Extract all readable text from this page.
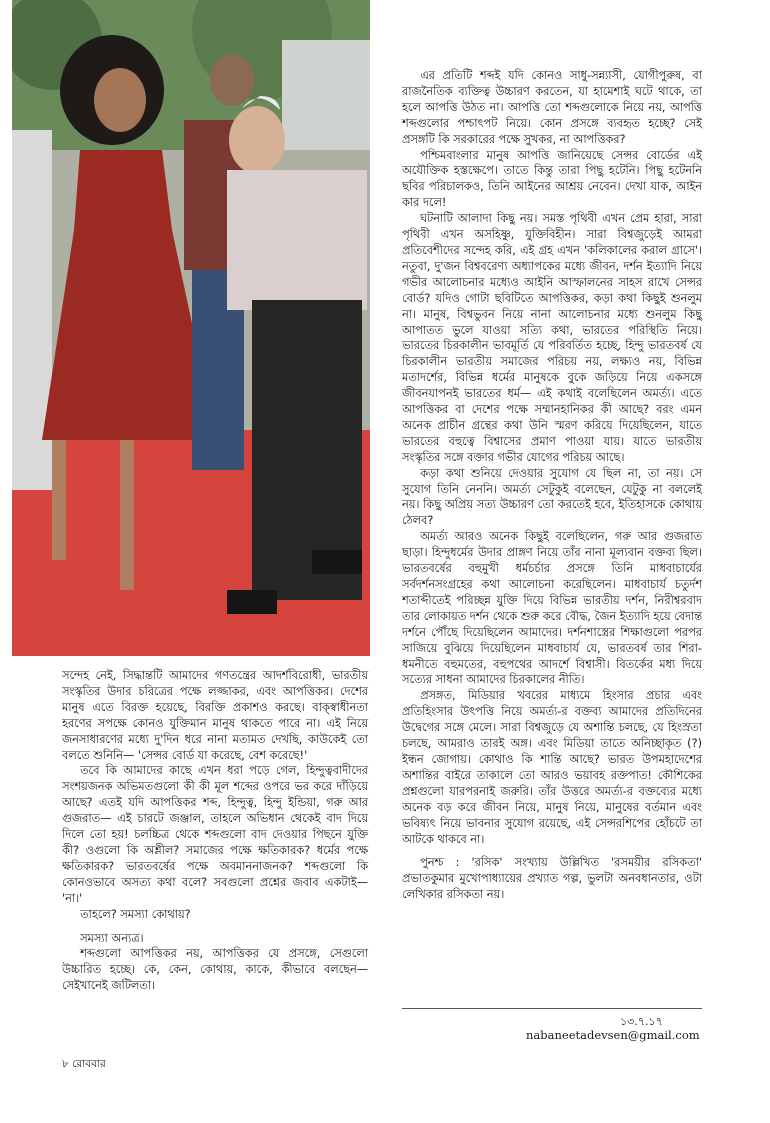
এর প্রতিটি শব্দই যদি কোনও সাধু-সন্ন্যাসী, যোগীপুরুষ, বা রাজনৈতিক ব্যক্তিত্ব উচ্চারণ করতেন, যা হামেশাই ঘটে থাকে, তা হলে আপত্তি উঠত না। আপত্তি তো শব্দগুলোকে নিয়ে নয়, আপত্তি শব্দগুলোর পশ্চাৎপট নিয়ে। কোন প্রসঙ্গে ব্যবহৃত হচ্ছে? সেই প্রসঙ্গটি কি সরকারের পক্ষে সুখকর, না আপত্তিকর?

পশ্চিমবাংলার মানুষ আপত্তি জানিয়েছে সেন্সর বোর্ডের এই অযৌক্তিক হস্তক্ষেপে। তাতে কিন্তু তারা পিছু হটেনি। পিছু হটেননি ছবির পরিচালকও, তিনি আইনের আশ্রয় নেবেন। দেখা যাক, আইন কার দলে!

ঘটনাটি আলাদা কিছু নয়। সমস্ত পৃথিবী এখন প্রেম হারা, সারা পৃথিবী এখন অসহিষ্ণু, যুক্তিবিহীন। সারা বিশ্বজুড়েই আমরা প্রতিবেশীদের সন্দেহ করি, এই গ্রহ এখন 'কলিকালের করাল গ্রাসে'। নতুবা, দু'জন বিশ্ববরেণ্য অধ্যাপকের মধ্যে জীবন, দর্শন ইত্যাদি নিয়ে গভীর আলোচনার মধ্যেও আইনি আস্ফালনের সাহস রাখে সেন্সর বোর্ড? যদিও গোটা ছবিটিতে আপত্তিকর, কড়া কথা কিছুই শুনলুম না। মানুষ, বিশ্বভুবন নিয়ে নানা আলোচনার মধ্যে শুনলুম কিছু আপাতত ভুলে যাওয়া সত্যি কথা, ভারতের পরিস্থিতি নিয়ে। ভারতের চিরকালীন ভাবমূর্তি যে পরিবর্তিত হচ্ছে, হিন্দু ভারতবর্ষ যে চিরকালীন ভারতীয় সমাজের পরিচয় নয়, লক্ষ্যও নয়, বিভিন্ন মতাদর্শের, বিভিন্ন ধর্মের মানুষকে বুকে জড়িয়ে নিয়ে একসঙ্গে জীবনযাপনই ভারতের ধর্ম— এই কথাই বলেছিলেন অমর্ত্য। এতে আপত্তিকর বা দেশের পক্ষে সম্মানহানিকর কী আছে? বরং এমন অনেক প্রাচীন গ্রন্থের কথা উনি স্মরণ করিয়ে দিয়েছিলেন, যাতে ভারতের বহুত্বে বিশ্বাসের প্রমাণ পাওয়া যায়। যাতে ভারতীয় সংস্কৃতির সঙ্গে বক্তার গভীর যোগের পরিচয় আছে।

কড়া কথা শুনিয়ে দেওয়ার সুযোগ যে ছিল না, তা নয়। সে সুযোগ তিনি নেননি। অমর্ত্য সেটুকুই বলেছেন, যেটুকু না বললেই নয়। কিছু অপ্রিয় সত্য উচ্চারণ তো করতেই হবে, ইতিহাসকে কোথায় ঠেলব?

অমর্ত্য আরও অনেক কিছুই বলেছিলেন, গরু আর গুজরাত ছাড়া। হিন্দুধর্মের উদার প্রাঙ্গণ নিয়ে তাঁর নানা মূল্যবান বক্তব্য ছিল। ভারতবর্ষের বহুমুখী ধর্মচর্চার প্রসঙ্গে তিনি মাধবাচার্যের সর্বদর্শনসংগ্রহের কথা আলোচনা করেছিলেন। মাধবাচার্য চতুর্দশ শতাব্দীতেই পরিচ্ছন্ন যুক্তি দিয়ে বিভিন্ন ভারতীয় দর্শন, নিরীশ্বরবাদ তার লোকায়ত দর্শন থেকে শুরু করে বৌদ্ধ, জৈন ইত্যাদি হয়ে বেদান্ত দর্শনে পৌঁছে দিয়েছিলেন আমাদের। দর্শনশাস্ত্রের শিক্ষাগুলো পরপর সাজিয়ে বুঝিয়ে দিয়েছিলেন মাধবাচার্য যে, ভারতবর্ষ তার শিরা-ধমনীতে বহুমতের, বহুপথের আদর্শে বিশ্বাসী। বিতর্কের মধ্য দিয়ে সত্যের সাধনা আমাদের চিরকালের নীতি।

প্রসঙ্গত, মিডিয়ার খবরের মাধ্যমে হিংসার প্রচার এবং প্রতিহিংসার উৎপত্তি নিয়ে অমর্ত্য-র বক্তব্য আমাদের প্রতিদিনের উদ্বেগের সঙ্গে মেলে। সারা বিশ্বজুড়ে যে অশান্তি চলছে, যে হিংস্রতা চলছে, আমরাও তারই অঙ্গ। এবং মিডিয়া তাতে অনিচ্ছাকৃত (?) ইন্ধন জোগায়। কোথাও কি শান্তি আছে? ভারত উপমহাদেশের অশান্তির বাইরে তাকালে তো আরও ভয়াবহ রক্তপাত! কৌশিকের প্রশ্নগুলো যারপরনাই জরুরি। তাঁর উত্তরে অমর্ত্য-র বক্তব্যের মধ্যে অনেক বড় করে জীবন নিয়ে, মানুষ নিয়ে, মানুষের বর্তমান এবং ভবিষ্যৎ নিয়ে ভাবনার সুযোগ রয়েছে, এই সেন্সরশিপের হোঁচটে তা আটকে থাকবে না।

পুনশ্চ : 'রসিক' সংখ্যায় উল্লিখিত 'রসময়ীর রসিকতা' প্রভাতকুমার মুখোপাধ্যায়ের প্রখ্যাত গল্প, ভুলটা অনবধানতার, ওটা লেখিকার রসিকতা নয়।

১৩.৭.১৭
nabaneetadevsen@gmail.com

সন্দেহ নেই, সিদ্ধান্তটি আমাদের গণতন্ত্রের আদর্শবিরোধী, ভারতীয় সংস্কৃতির উদার চরিত্রের পক্ষে লজ্জাকর, এবং আপত্তিকর। দেশের মানুষ এতে বিরক্ত হয়েছে, বিরক্তি প্রকাশও করছে। বাক্‌স্বাধীনতা হরণের সপক্ষে কোনও যুক্তিমান মানুষ থাকতে পারে না। এই নিয়ে জনসাধারণের মধ্যে দু'দিন ধরে নানা মতামত দেখছি, কাউকেই তো বলতে শুনিনি— 'সেন্সর বোর্ড যা করেছে, বেশ করেছে!'

তবে কি আমাদের কাছে এখন ধরা পড়ে গেল, হিন্দুত্ববাদীদের সংশয়জনক অভিমতগুলো কী কী মূল শব্দের ওপরে ভর করে দাঁড়িয়ে আছে? এতই যদি আপত্তিকর শব্দ, হিন্দুত্ব, হিন্দু ইন্ডিয়া, গরু আর গুজরাত— এই চারটে জঞ্জাল, তাহলে অভিধান থেকেই বাদ দিয়ে দিলে তো হয়! চলচ্চিত্র থেকে শব্দগুলো বাদ দেওয়ার পিছনে যুক্তি কী? ওগুলো কি অশ্লীল? সমাজের পক্ষে ক্ষতিকারক? ধর্মের পক্ষে ক্ষতিকারক? ভারতবর্ষের পক্ষে অবমাননাজনক? শব্দগুলো কি কোনওভাবে অসত্য কথা বলে? সবগুলো প্রশ্নের জবাব একটাই— 'না।'

তাহলে? সমস্যা কোথায়?

সমস্যা অন্যত্র।

শব্দগুলো আপত্তিকর নয়, আপত্তিকর যে প্রসঙ্গে, সেগুলো উচ্চারিত হচ্ছে। কে, কেন, কোথায়, কাকে, কীভাবে বলছেন— সেইখানেই জটিলতা।

৮ রোববার
